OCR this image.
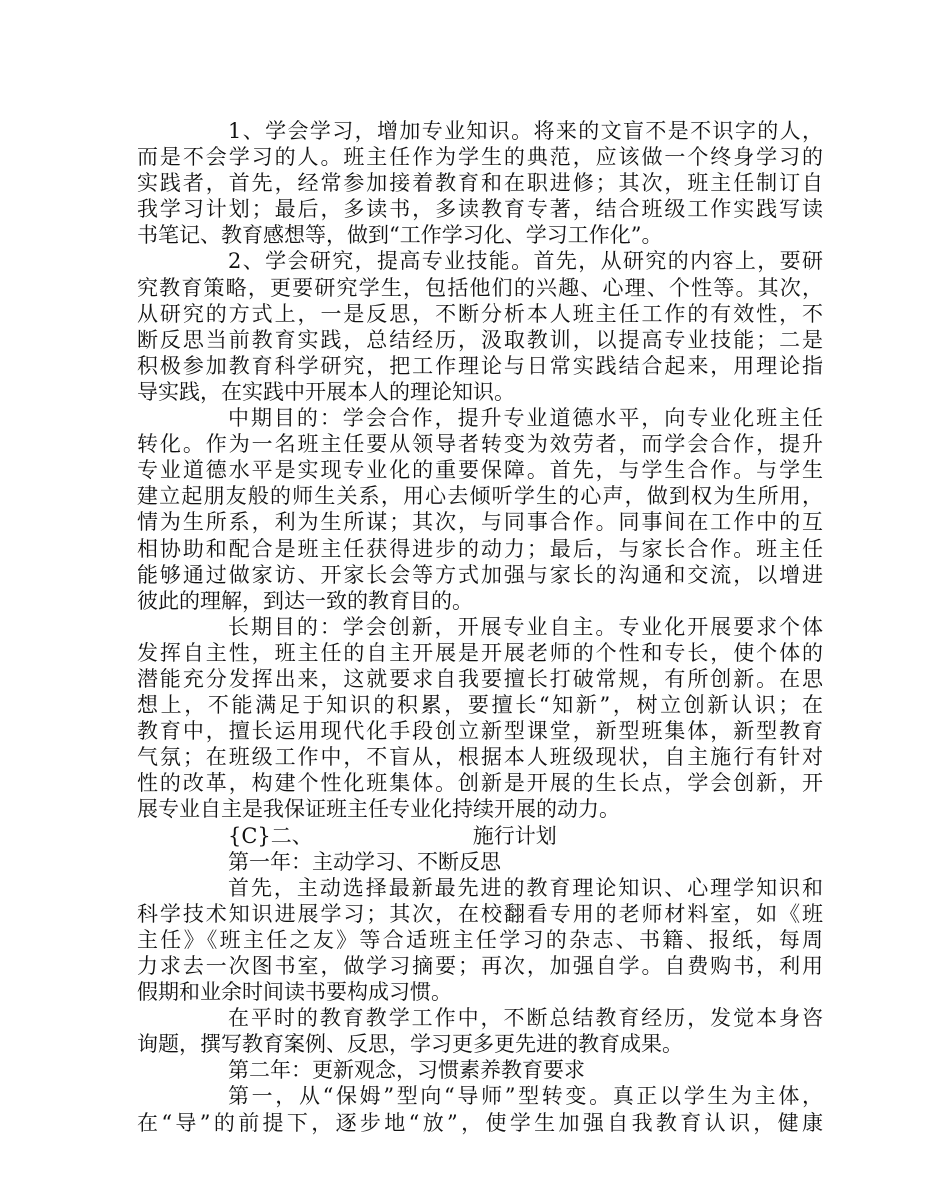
1、学会学习，增加专业知识。将来的文盲不是不识字的人，
而是不会学习的人。班主任作为学生的典范，应该做一个终身学习的
实践者，首先，经常参加接着教育和在职进修；其次，班主任制订自
我学习计划；最后，多读书，多读教育专著，结合班级工作实践写读
书笔记、教育感想等，做到“工作学习化、学习工作化”。
2、学会研究，提高专业技能。首先，从研究的内容上，要研
究教育策略，更要研究学生，包括他们的兴趣、心理、个性等。其次，
从研究的方式上，一是反思，不断分析本人班主任工作的有效性，不
断反思当前教育实践，总结经历，汲取教训，以提高专业技能；二是
积极参加教育科学研究，把工作理论与日常实践结合起来，用理论指
导实践，在实践中开展本人的理论知识。
中期目的：学会合作，提升专业道德水平，向专业化班主任
转化。作为一名班主任要从领导者转变为效劳者，而学会合作，提升
专业道德水平是实现专业化的重要保障。首先，与学生合作。与学生
建立起朋友般的师生关系，用心去倾听学生的心声，做到权为生所用，
情为生所系，利为生所谋；其次，与同事合作。同事间在工作中的互
相协助和配合是班主任获得进步的动力；最后，与家长合作。班主任
能够通过做家访、开家长会等方式加强与家长的沟通和交流，以增进
彼此的理解，到达一致的教育目的。
长期目的：学会创新，开展专业自主。专业化开展要求个体
发挥自主性，班主任的自主开展是开展老师的个性和专长，使个体的
潜能充分发挥出来，这就要求自我要擅长打破常规，有所创新。在思
想上，不能满足于知识的积累，要擅长“知新”，树立创新认识；在
教育中，擅长运用现代化手段创立新型课堂，新型班集体，新型教育
气氛；在班级工作中，不盲从，根据本人班级现状，自主施行有针对
性的改革，构建个性化班集体。创新是开展的生长点，学会创新，开
展专业自主是我保证班主任专业化持续开展的动力。
{C}二、	施行计划
第一年：主动学习、不断反思
首先，主动选择最新最先进的教育理论知识、心理学知识和
科学技术知识进展学习；其次，在校翻看专用的老师材料室，如《班
主任》《班主任之友》等合适班主任学习的杂志、书籍、报纸，每周
力求去一次图书室，做学习摘要；再次，加强自学。自费购书，利用
假期和业余时间读书要构成习惯。
在平时的教育教学工作中，不断总结教育经历，发觉本身咨
询题，撰写教育案例、反思，学习更多更先进的教育成果。
第二年：更新观念，习惯素养教育要求
第一，从“保姆”型向“导师”型转变。真正以学生为主体，
在“导”的前提下，逐步地“放”，使学生加强自我教育认识，健康
